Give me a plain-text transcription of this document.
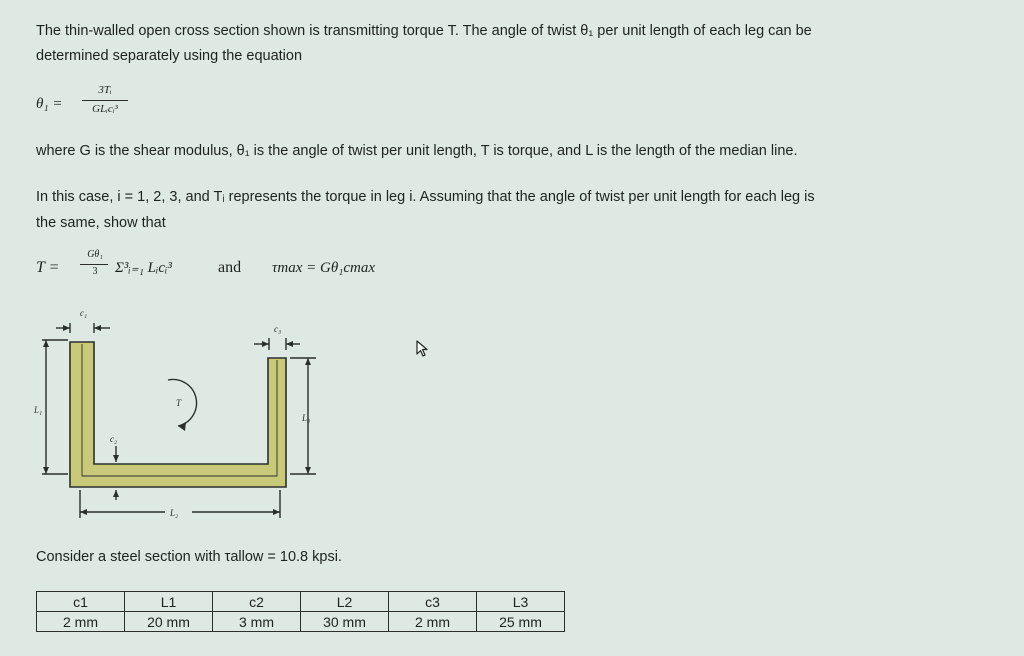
The thin-walled open cross section shown is transmitting torque T. The angle of twist θ₁ per unit length of each leg can be
determined separately using the equation
θ₁ =
3Tᵢ
GLᵢcᵢ³
where G is the shear modulus, θ₁ is the angle of twist per unit length, T is torque, and L is the length of the median line.
In this case, i = 1, 2, 3, and Tᵢ represents the torque in leg i. Assuming that the angle of twist per unit length for each leg is
the same, show that
T =
Gθ₁
3	Σ³ᵢ₌₁ Lᵢcᵢ³	and τmax = Gθ₁cmax
c₁
c₃
c₂
L₁
L₃
L₂
T
Consider a steel section with τallow = 10.8 kpsi.
c1	L1	c2	L2	c3	L3
2 mm	20 mm	3 mm	30 mm	2 mm	25 mm
